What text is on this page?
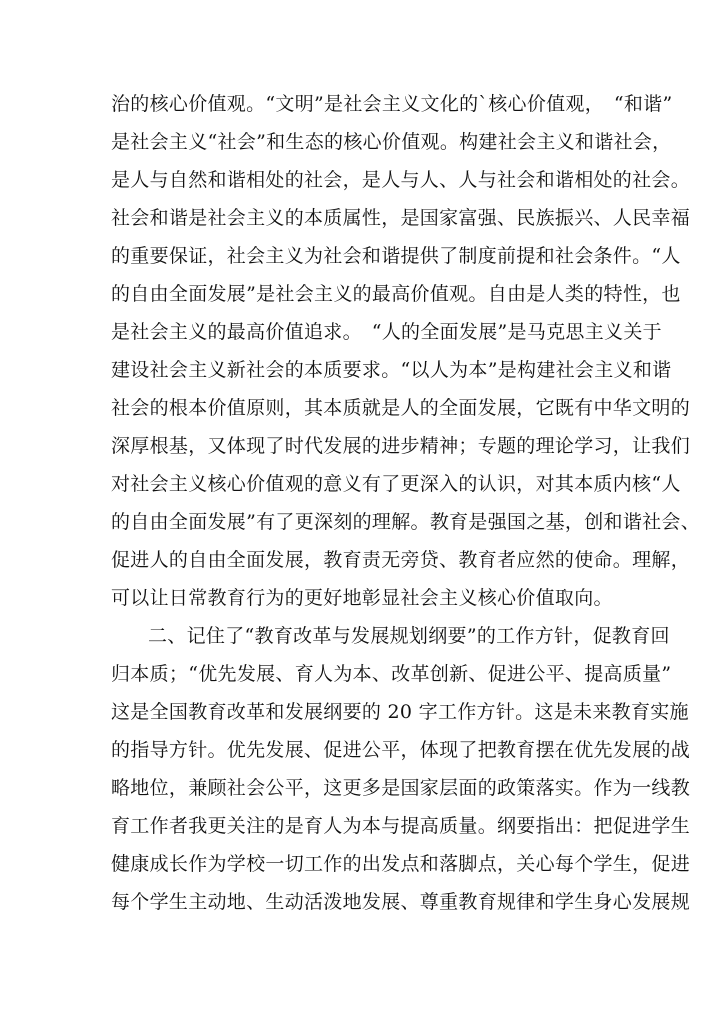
治的核心价值观。“文明”是社会主义文化的`核心价值观，　“和谐”
是社会主义“社会”和生态的核心价值观。构建社会主义和谐社会，
是人与自然和谐相处的社会，是人与人、人与社会和谐相处的社会。
社会和谐是社会主义的本质属性，是国家富强、民族振兴、人民幸福
的重要保证，社会主义为社会和谐提供了制度前提和社会条件。“人
的自由全面发展”是社会主义的最高价值观。自由是人类的特性，也
是社会主义的最高价值追求。　“人的全面发展”是马克思主义关于
建设社会主义新社会的本质要求。“以人为本”是构建社会主义和谐
社会的根本价值原则，其本质就是人的全面发展，它既有中华文明的
深厚根基，又体现了时代发展的进步精神；专题的理论学习，让我们
对社会主义核心价值观的意义有了更深入的认识，对其本质内核“人
的自由全面发展”有了更深刻的理解。教育是强国之基，创和谐社会、
促进人的自由全面发展，教育责无旁贷、教育者应然的使命。理解，
可以让日常教育行为的更好地彰显社会主义核心价值取向。
二、记住了“教育改革与发展规划纲要”的工作方针，促教育回
归本质；“优先发展、育人为本、改革创新、促进公平、提高质量”
这是全国教育改革和发展纲要的 20 字工作方针。这是未来教育实施
的指导方针。优先发展、促进公平，体现了把教育摆在优先发展的战
略地位，兼顾社会公平，这更多是国家层面的政策落实。作为一线教
育工作者我更关注的是育人为本与提高质量。纲要指出：把促进学生
健康成长作为学校一切工作的出发点和落脚点，关心每个学生，促进
每个学生主动地、生动活泼地发展、尊重教育规律和学生身心发展规
